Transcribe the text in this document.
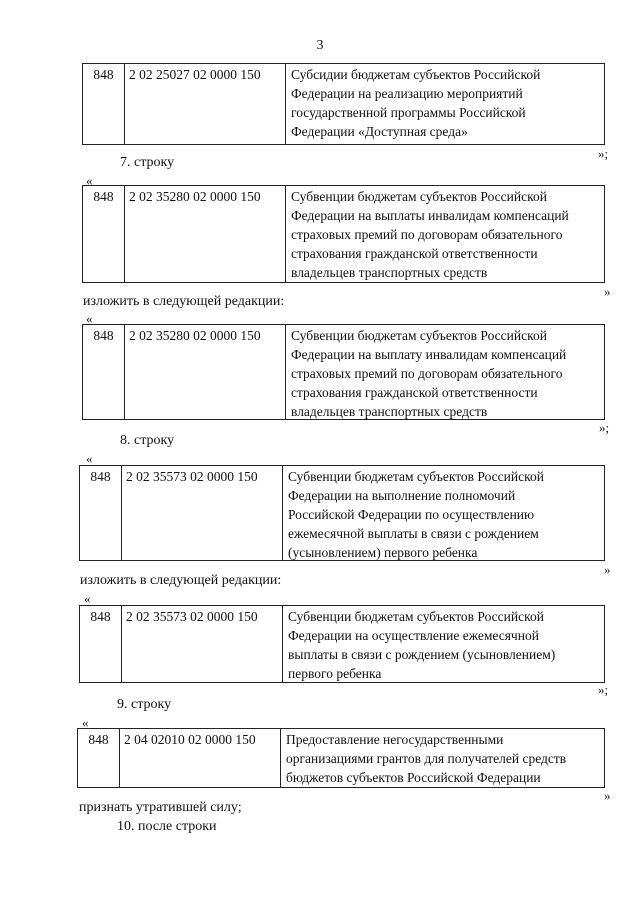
3
848	2 02 25027 02 0000 150	Субсидии бюджетам субъектов Российской
Федерации на реализацию мероприятий
государственной программы Российской
Федерации «Доступная среда»
»;
7. строку
«
848	2 02 35280 02 0000 150	Субвенции бюджетам субъектов Российской
Федерации на выплаты инвалидам компенсаций
страховых премий по договорам обязательного
страхования гражданской ответственности
владельцев транспортных средств
»
изложить в следующей редакции:
«
848	2 02 35280 02 0000 150	Субвенции бюджетам субъектов Российской
Федерации на выплату инвалидам компенсаций
страховых премий по договорам обязательного
страхования гражданской ответственности
владельцев транспортных средств
»;
8. строку
«
848	2 02 35573 02 0000 150	Субвенции бюджетам субъектов Российской
Федерации на выполнение полномочий
Российской Федерации по осуществлению
ежемесячной выплаты в связи с рождением
(усыновлением) первого ребенка
»
изложить в следующей редакции:
«
848	2 02 35573 02 0000 150	Субвенции бюджетам субъектов Российской
Федерации на осуществление ежемесячной
выплаты в связи с рождением (усыновлением)
первого ребенка
»;
9. строку
«
848	2 04 02010 02 0000 150	Предоставление негосударственными
организациями грантов для получателей средств
бюджетов субъектов Российской Федерации
»
признать утратившей силу;
10. после строки
